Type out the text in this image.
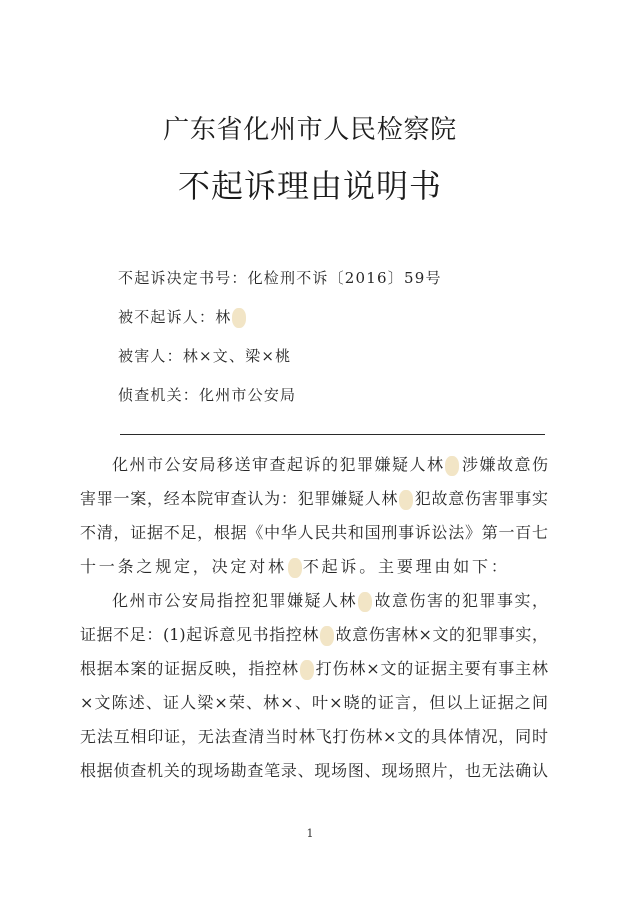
广东省化州市人民检察院
不起诉理由说明书
不起诉决定书号：化检刑不诉〔2016〕59号
被不起诉人：林
被害人：林×文、梁×桃
侦查机关：化州市公安局
化州市公安局移送审查起诉的犯罪嫌疑人林 涉嫌故意伤
害罪一案，经本院审查认为：犯罪嫌疑人林 犯故意伤害罪事实
不清，证据不足，根据《中华人民共和国刑事诉讼法》第一百七
十一条之规定，决定对林 不起诉。主要理由如下：
化州市公安局指控犯罪嫌疑人林 故意伤害的犯罪事实，
证据不足：(1)起诉意见书指控林 故意伤害林×文的犯罪事实，
根据本案的证据反映，指控林 打伤林×文的证据主要有事主林
×文陈述、证人梁×荣、林×、叶×晓的证言，但以上证据之间
无法互相印证，无法查清当时林飞打伤林×文的具体情况，同时
根据侦查机关的现场勘查笔录、现场图、现场照片，也无法确认
1
